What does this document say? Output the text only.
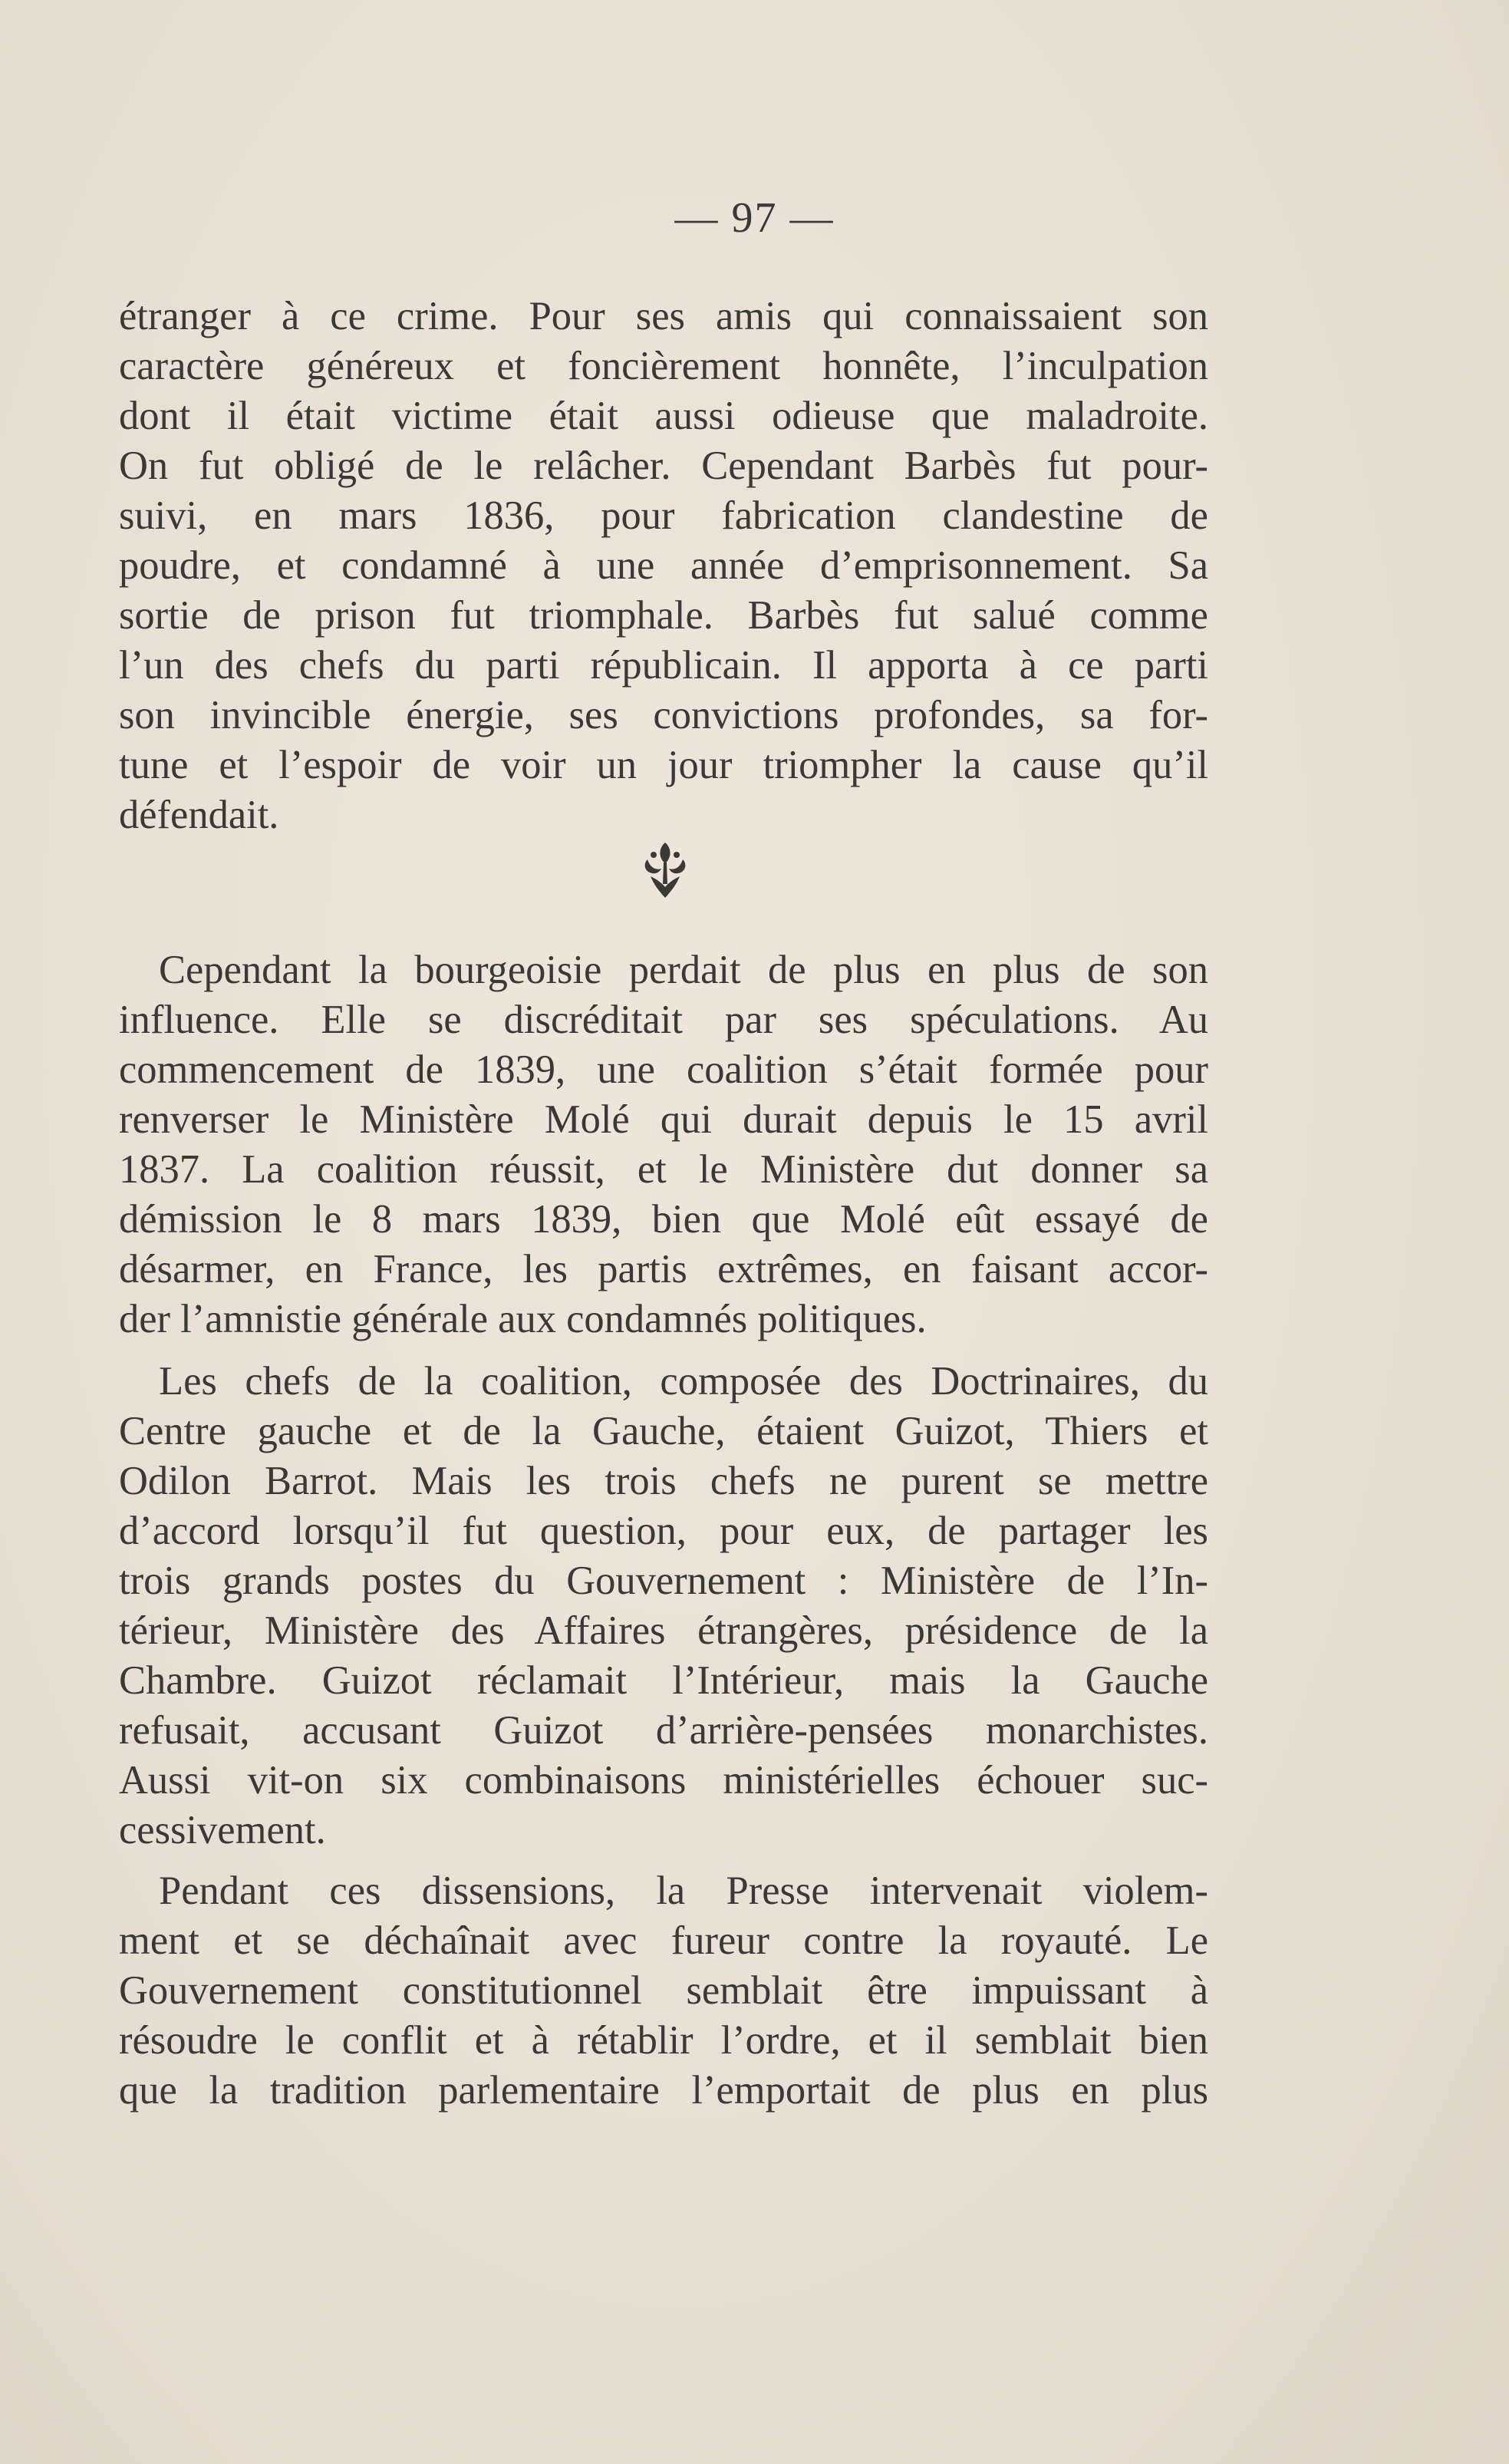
— 97 —
étranger à ce crime. Pour ses amis qui connaissaient son
caractère généreux et foncièrement honnête, l’inculpation
dont il était victime était aussi odieuse que maladroite.
On fut obligé de le relâcher. Cependant Barbès fut pour-
suivi, en mars 1836, pour fabrication clandestine de
poudre, et condamné à une année d’emprisonnement. Sa
sortie de prison fut triomphale. Barbès fut salué comme
l’un des chefs du parti républicain. Il apporta à ce parti
son invincible énergie, ses convictions profondes, sa for-
tune et l’espoir de voir un jour triompher la cause qu’il
défendait.
Cependant la bourgeoisie perdait de plus en plus de son
influence. Elle se discréditait par ses spéculations. Au
commencement de 1839, une coalition s’était formée pour
renverser le Ministère Molé qui durait depuis le 15 avril
1837. La coalition réussit, et le Ministère dut donner sa
démission le 8 mars 1839, bien que Molé eût essayé de
désarmer, en France, les partis extrêmes, en faisant accor-
der l’amnistie générale aux condamnés politiques.
Les chefs de la coalition, composée des Doctrinaires, du
Centre gauche et de la Gauche, étaient Guizot, Thiers et
Odilon Barrot. Mais les trois chefs ne purent se mettre
d’accord lorsqu’il fut question, pour eux, de partager les
trois grands postes du Gouvernement : Ministère de l’In-
térieur, Ministère des Affaires étrangères, présidence de la
Chambre. Guizot réclamait l’Intérieur, mais la Gauche
refusait, accusant Guizot d’arrière-pensées monarchistes.
Aussi vit-on six combinaisons ministérielles échouer suc-
cessivement.
Pendant ces dissensions, la Presse intervenait violem-
ment et se déchaînait avec fureur contre la royauté. Le
Gouvernement constitutionnel semblait être impuissant à
résoudre le conflit et à rétablir l’ordre, et il semblait bien
que la tradition parlementaire l’emportait de plus en plus
